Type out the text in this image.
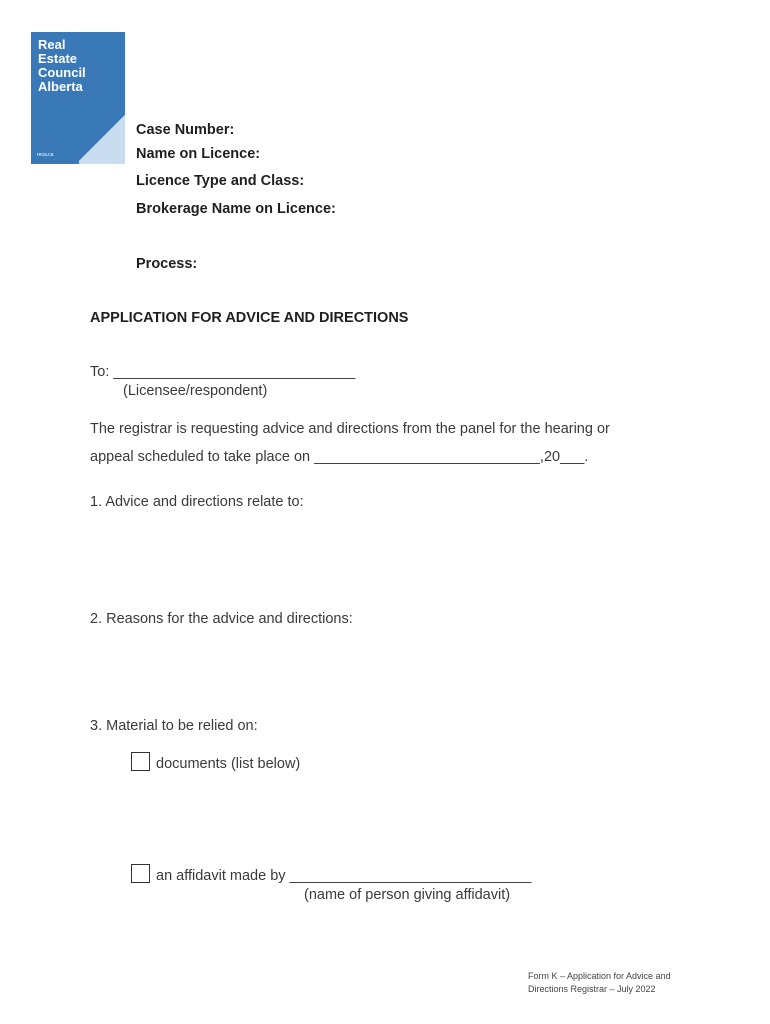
Real
Estate
Council
Alberta

reca.ca

Case Number:

Name on Licence:

Licence Type and Class:

Brokerage Name on Licence:

Process:

APPLICATION FOR ADVICE AND DIRECTIONS

To: ______________________________

(Licensee/respondent)

The registrar is requesting advice and directions from the panel for the hearing or

appeal scheduled to take place on ____________________________,20___.

1. Advice and directions relate to:

2. Reasons for the advice and directions:

3. Material to be relied on:

documents (list below)

an affidavit made by ______________________________

(name of person giving affidavit)

Form K – Application for Advice and
Directions Registrar – July 2022
